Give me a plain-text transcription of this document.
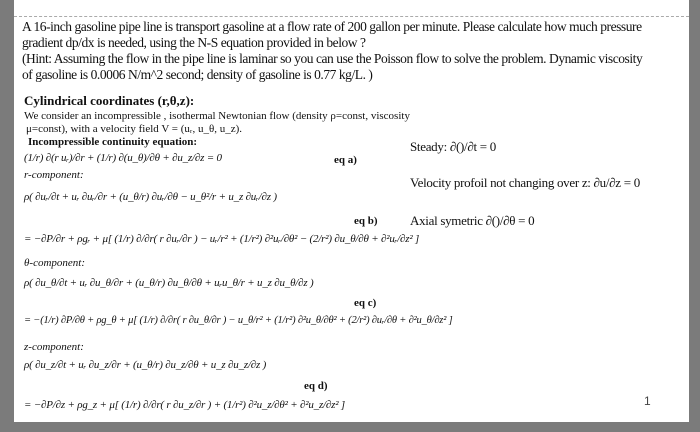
A 16-inch gasoline pipe line is transport gasoline at a flow rate of 200 gallon per minute. Please calculate how much pressure
gradient dp/dx is needed, using the N-S equation provided in below ?
(Hint: Assuming the flow in the pipe line is laminar so you can use the Poisson flow to solve the problem. Dynamic viscosity
of gasoline is 0.0006 N/m^2 second; density of gasoline is 0.77 kg/L. )
Cylindrical coordinates (r,θ,z):
We consider an incompressible , isothermal Newtonian flow (density ρ=const, viscosity
μ=const), with a velocity field V = (uᵣ, u_θ, u_z).
Incompressible continuity equation:
(1/r) ∂(r uᵣ)/∂r + (1/r) ∂(u_θ)/∂θ + ∂u_z/∂z = 0	eq a)
r-component:
ρ( ∂uᵣ/∂t + uᵣ ∂uᵣ/∂r + (u_θ/r) ∂uᵣ/∂θ − u_θ²/r + u_z ∂uᵣ/∂z )
= −∂P/∂r + ρgᵣ + μ[ (1/r) ∂/∂r( r ∂uᵣ/∂r ) − uᵣ/r² + (1/r²) ∂²uᵣ/∂θ² − (2/r²) ∂u_θ/∂θ + ∂²uᵣ/∂z² ]
eq b)
θ-component:
ρ( ∂u_θ/∂t + uᵣ ∂u_θ/∂r + (u_θ/r) ∂u_θ/∂θ + uᵣu_θ/r + u_z ∂u_θ/∂z )
= −(1/r) ∂P/∂θ + ρg_θ + μ[ (1/r) ∂/∂r( r ∂u_θ/∂r ) − u_θ/r² + (1/r²) ∂²u_θ/∂θ² + (2/r²) ∂uᵣ/∂θ + ∂²u_θ/∂z² ]
eq c)
z-component:
ρ( ∂u_z/∂t + uᵣ ∂u_z/∂r + (u_θ/r) ∂u_z/∂θ + u_z ∂u_z/∂z )
= −∂P/∂z + ρg_z + μ[ (1/r) ∂/∂r( r ∂u_z/∂r ) + (1/r²) ∂²u_z/∂θ² + ∂²u_z/∂z² ]
eq d)
Steady: ∂()/∂t = 0
Velocity profoil not changing over z: ∂u/∂z = 0
Axial symetric ∂()/∂θ = 0
1
